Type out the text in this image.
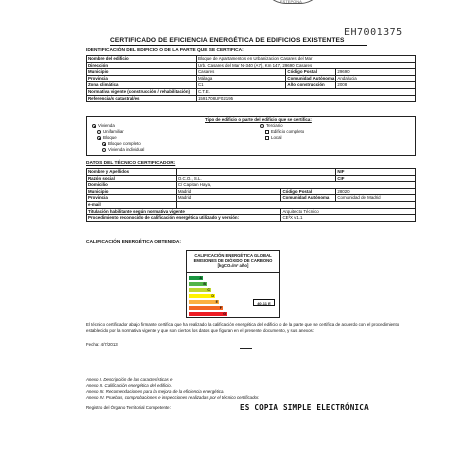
ESTEPONA
EH7001375
CERTIFICADO DE EFICIENCIA ENERGÉTICA DE EDIFICIOS EXISTENTES
IDENTIFICACIÓN DEL EDIFICIO O DE LA PARTE QUE SE CERTIFICA:
Nombre del edificio	Bloque de Apartamentos en Urbanizacion Casares del Mar		
Dirección	Urb. Casares del Mar N-340 (A7), Km 147, 29690 Casares		
Municipio	Casares	Código Postal	29690
Provincia	Málaga	Comunidad Autónoma	Andalucia
Zona climática	C1	Año construcción	2008
Normativa vigente (construcción / rehabilitación)	C.T.E.		
Referencia/s catastral/es	1591708UF02195		
Tipo de edificio o parte del edificio que se certifica:
Vivienda
Unifamiliar
Bloque
Bloque completo
Vivienda individual
Terciario
Edificio completo
Local
DATOS DEL TÉCNICO CERTIFICADOR:
Nombre y Apellidos			NIF
Razón social	O.C.O., S.L.		CIF
Domicilio	C/ Capitan Haya,		
Municipio	Madrid	Código Postal	28020
Provincia	Madrid	Comunidad Autónoma	Comunidad de Madrid
e-mail			
Titulación habilitante según normativa vigente		Arquitecto Técnico	
Procedimiento reconocido de calificación energética utilizado y versión:		CE³X v1.1	
CALIFICACIÓN ENERGÉTICA OBTENIDA:
CALIFICACIÓN ENERGÉTICA GLOBAL
EMISIONES DE DIÓXIDO DE CARBONO
[kgCO₂/m² año]
A
B
C
D
E	40.11 E
F
G
El técnico certificador abajo firmante certifica que ha realizado la calificación energética del edificio o de la parte que se certifica de acuerdo con el procedimiento establecido por la normativa vigente y que son ciertos los datos que figuran en el presente documento, y sus anexos:
Fecha: 4/7/2013
Anexo I. Descripción de las características e
Anexo II. Calificación energética del edificio.
Anexo III. Recomendaciones para la mejora de la eficiencia energética.
Anexo IV. Pruebas, comprobaciones e inspecciones realizadas por el técnico certificador.
Registro del Órgano Territorial Competente:	ES COPIA SIMPLE ELECTRÓNICA
